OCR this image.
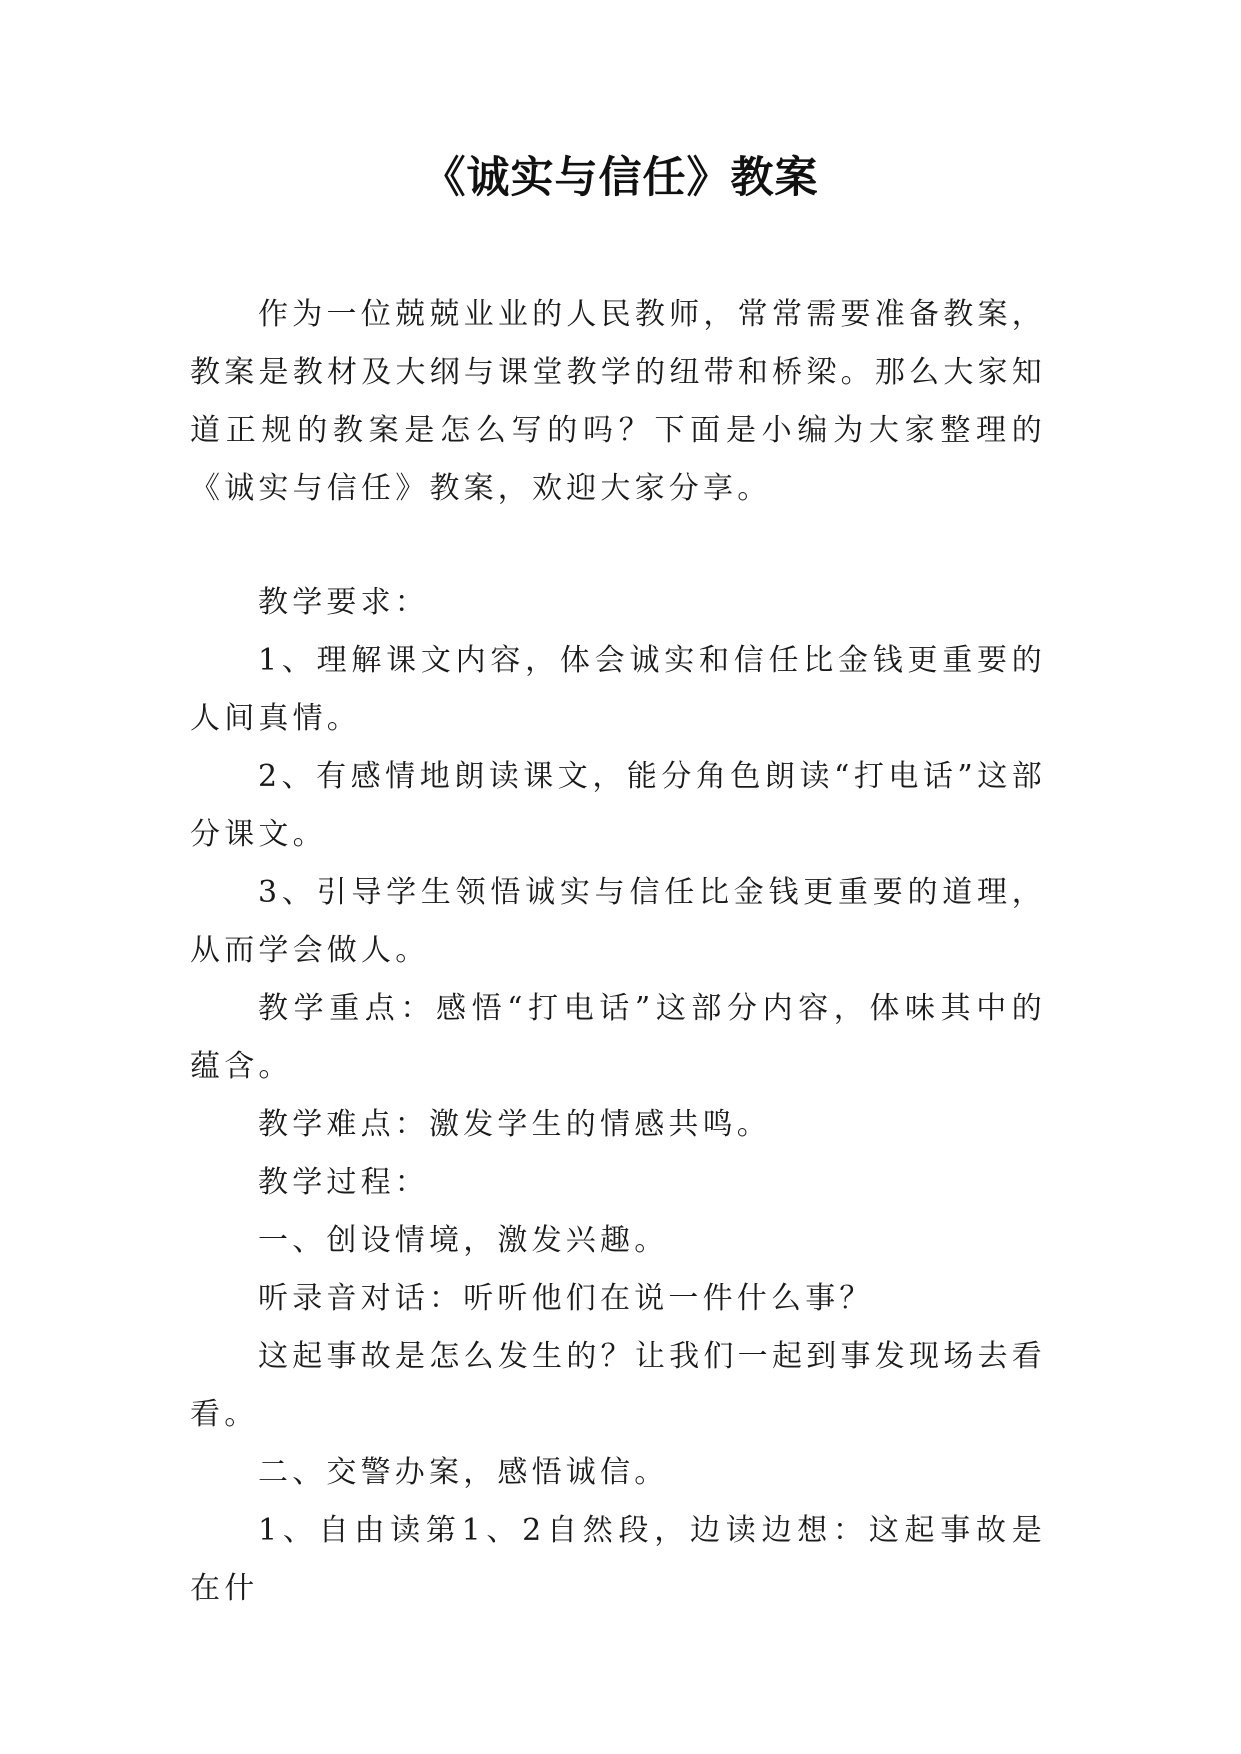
《诚实与信任》教案

作为一位兢兢业业的人民教师，常常需要准备教案，教案是教材及大纲与课堂教学的纽带和桥梁。那么大家知道正规的教案是怎么写的吗？下面是小编为大家整理的《诚实与信任》教案，欢迎大家分享。

教学要求：

1、理解课文内容，体会诚实和信任比金钱更重要的人间真情。

2、有感情地朗读课文，能分角色朗读“打电话”这部分课文。

3、引导学生领悟诚实与信任比金钱更重要的道理，从而学会做人。

教学重点：感悟“打电话”这部分内容，体味其中的蕴含。

教学难点：激发学生的情感共鸣。

教学过程：

一、创设情境，激发兴趣。

听录音对话：听听他们在说一件什么事？

这起事故是怎么发生的？让我们一起到事发现场去看看。

二、交警办案，感悟诚信。

1、自由读第1、2自然段，边读边想：这起事故是在什
